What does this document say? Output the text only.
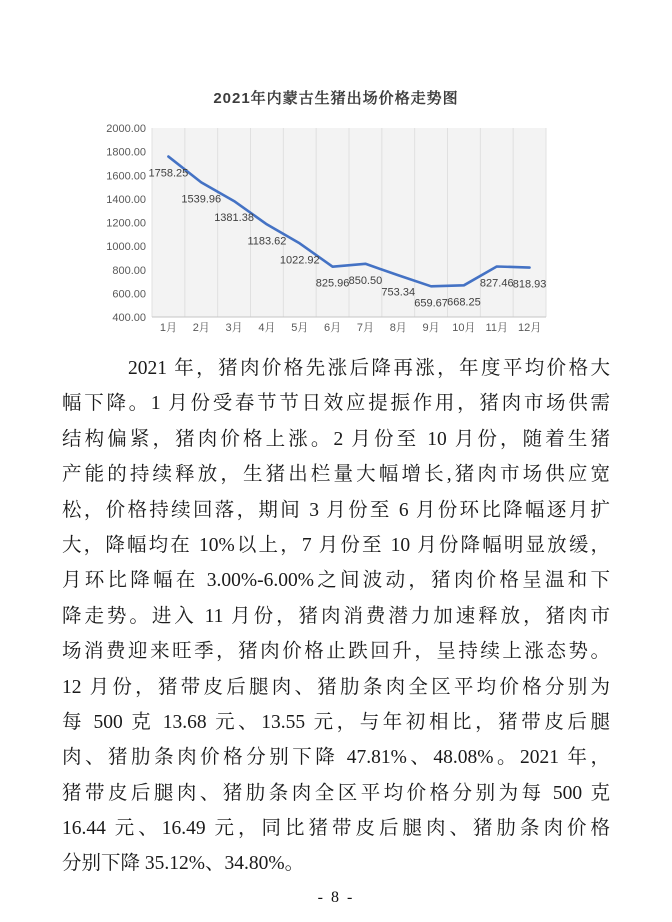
2021年内蒙古生猪出场价格走势图
400.00
600.00
800.00
1000.00
1200.00
1400.00
1600.00
1800.00
2000.00
1月 2月 3月 4月 5月 6月 7月 8月 9月 10月 11月 12月
1758.25
1539.96
1381.38
1183.62
1022.92
825.96 850.50
753.34
659.67 668.25
827.46 818.93
2021 年，猪肉价格先涨后降再涨，年度平均价格大
幅下降。1 月份受春节节日效应提振作用，猪肉市场供需
结构偏紧，猪肉价格上涨。2 月份至 10 月份，随着生猪
产能的持续释放，生猪出栏量大幅增长,猪肉市场供应宽
松，价格持续回落，期间 3 月份至 6 月份环比降幅逐月扩
大，降幅均在 10%以上，7 月份至 10 月份降幅明显放缓，
月环比降幅在 3.00%-6.00%之间波动，猪肉价格呈温和下
降走势。进入 11 月份，猪肉消费潜力加速释放，猪肉市
场消费迎来旺季，猪肉价格止跌回升，呈持续上涨态势。
12 月份，猪带皮后腿肉、猪肋条肉全区平均价格分别为
每 500 克 13.68 元、13.55 元，与年初相比，猪带皮后腿
肉、猪肋条肉价格分别下降 47.81%、48.08%。2021 年，
猪带皮后腿肉、猪肋条肉全区平均价格分别为每 500 克
16.44 元、16.49 元，同比猪带皮后腿肉、猪肋条肉价格
分别下降 35.12%、34.80%。
- 8 -
